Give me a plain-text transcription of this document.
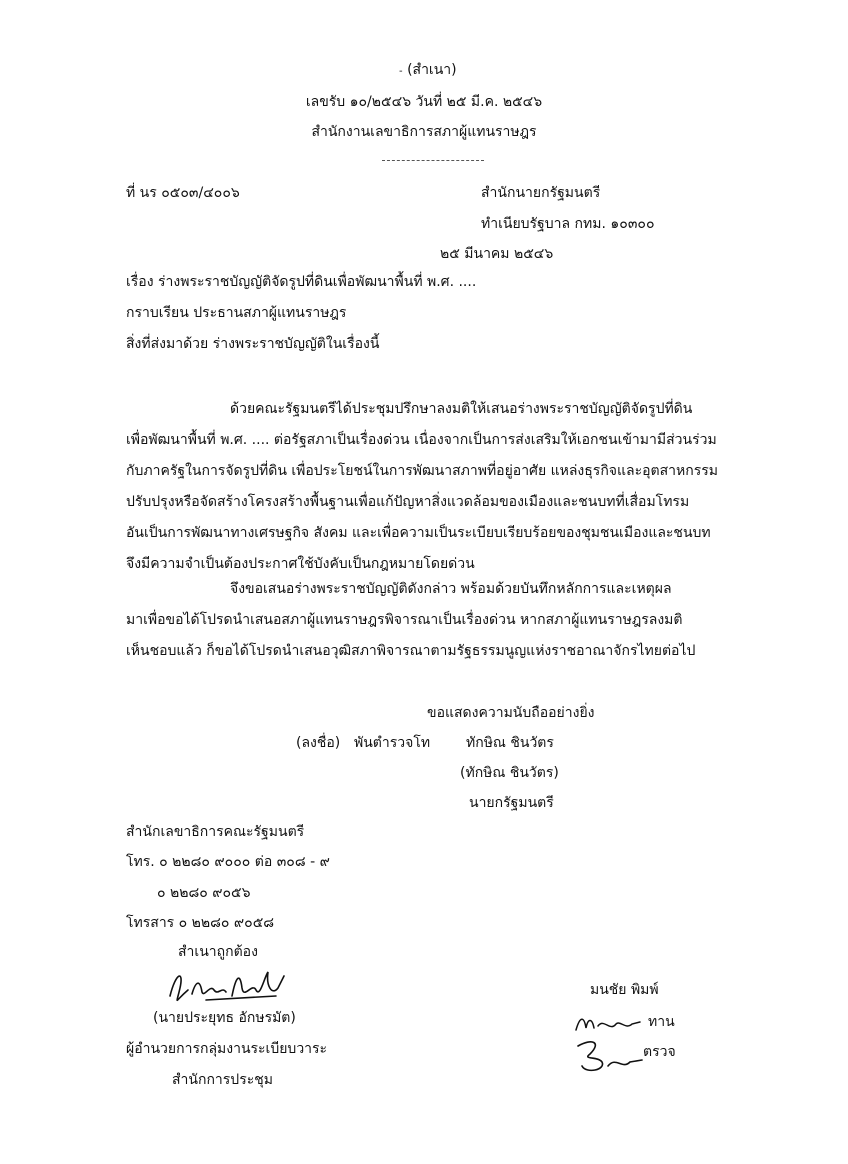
- (สำเนา)
เลขรับ ๑๐/๒๕๔๖ วันที่ ๒๕ มี.ค. ๒๕๔๖
สำนักงานเลขาธิการสภาผู้แทนราษฎร
ที่ นร ๐๕๐๓/๔๐๐๖	สำนักนายกรัฐมนตรี
ทำเนียบรัฐบาล กทม. ๑๐๓๐๐
๒๕ มีนาคม ๒๕๔๖
เรื่อง ร่างพระราชบัญญัติจัดรูปที่ดินเพื่อพัฒนาพื้นที่ พ.ศ. ....
กราบเรียน ประธานสภาผู้แทนราษฎร
สิ่งที่ส่งมาด้วย ร่างพระราชบัญญัติในเรื่องนี้

ด้วยคณะรัฐมนตรีได้ประชุมปรึกษาลงมติให้เสนอร่างพระราชบัญญัติจัดรูปที่ดิน

เพื่อพัฒนาพื้นที่ พ.ศ. .... ต่อรัฐสภาเป็นเรื่องด่วน เนื่องจากเป็นการส่งเสริมให้เอกชนเข้ามามีส่วนร่วม

กับภาครัฐในการจัดรูปที่ดิน เพื่อประโยชน์ในการพัฒนาสภาพที่อยู่อาศัย แหล่งธุรกิจและอุตสาหกรรม

ปรับปรุงหรือจัดสร้างโครงสร้างพื้นฐานเพื่อแก้ปัญหาสิ่งแวดล้อมของเมืองและชนบทที่เสื่อมโทรม

อันเป็นการพัฒนาทางเศรษฐกิจ สังคม และเพื่อความเป็นระเบียบเรียบร้อยของชุมชนเมืองและชนบท

จึงมีความจำเป็นต้องประกาศใช้บังคับเป็นกฎหมายโดยด่วน

จึงขอเสนอร่างพระราชบัญญัติดังกล่าว พร้อมด้วยบันทึกหลักการและเหตุผล

มาเพื่อขอได้โปรดนำเสนอสภาผู้แทนราษฎรพิจารณาเป็นเรื่องด่วน หากสภาผู้แทนราษฎรลงมติ

เห็นชอบแล้ว ก็ขอได้โปรดนำเสนอวุฒิสภาพิจารณาตามรัฐธรรมนูญแห่งราชอาณาจักรไทยต่อไป

ขอแสดงความนับถืออย่างยิ่ง
(ลงชื่อ) พันตำรวจโท	ทักษิณ ชินวัตร
(ทักษิณ ชินวัตร)
นายกรัฐมนตรี
สำนักเลขาธิการคณะรัฐมนตรี
โทร. ๐ ๒๒๘๐ ๙๐๐๐ ต่อ ๓๐๘ - ๙
๐ ๒๒๘๐ ๙๐๕๖
โทรสาร ๐ ๒๒๘๐ ๙๐๕๘
สำเนาถูกต้อง
(นายประยุทธ อักษรมัต)
ผู้อำนวยการกลุ่มงานระเบียบวาระ
สำนักการประชุม
มนชัย พิมพ์
ทาน
ตรวจ
